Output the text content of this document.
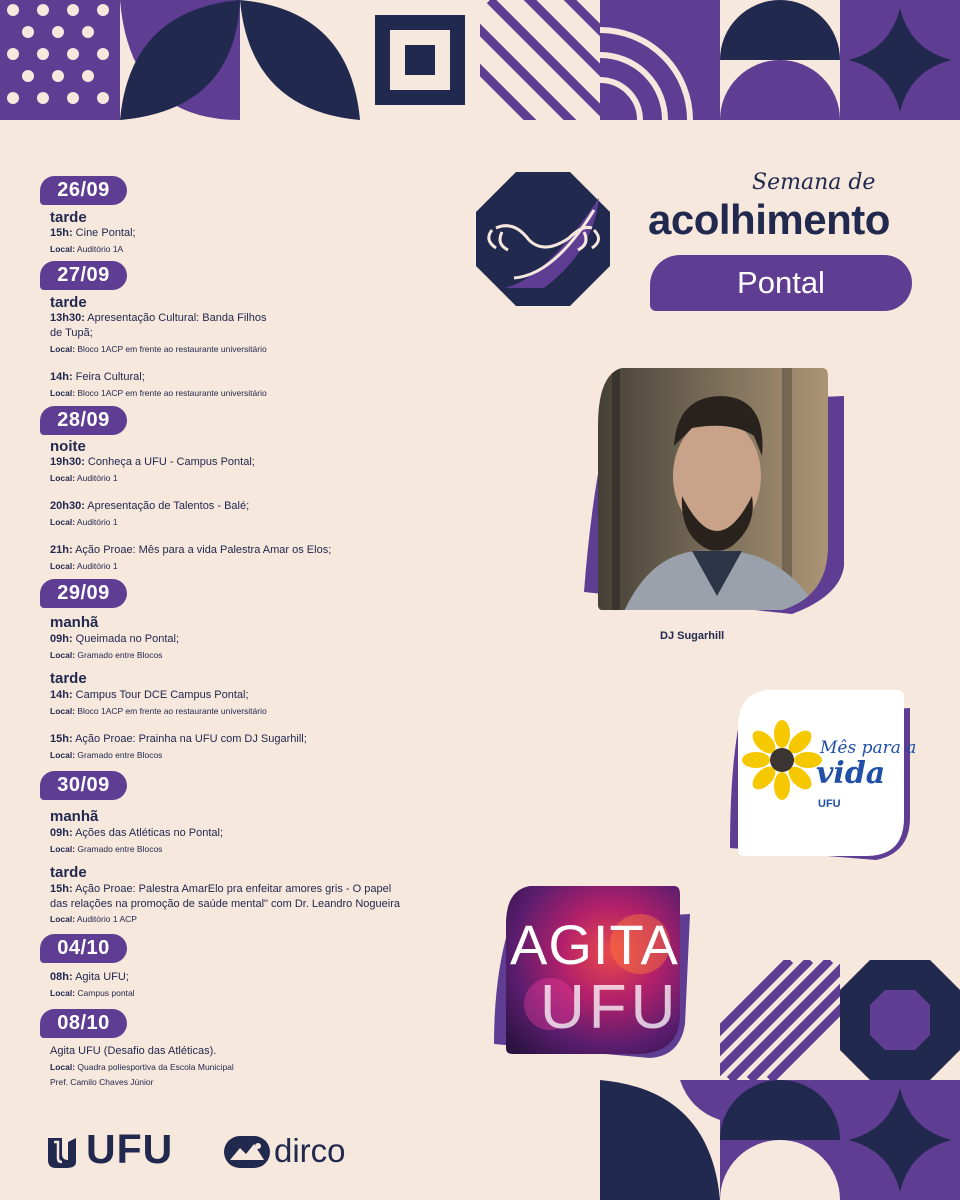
Semana de
acolhimento
Pontal
DJ Sugarhill
Mês para a
vida
UFU
AGITA
UFU
26/09
tarde
15h: Cine Pontal;
Local: Auditório 1A
27/09
tarde
13h30: Apresentação Cultural: Banda Filhos
de Tupã;
Local: Bloco 1ACP em frente ao restaurante universitário
14h: Feira Cultural;
Local: Bloco 1ACP em frente ao restaurante universitário
28/09
noite
19h30: Conheça a UFU - Campus Pontal;
Local: Auditório 1
20h30: Apresentação de Talentos - Balé;
Local: Auditório 1
21h: Ação Proae: Mês para a vida Palestra Amar os Elos;
Local: Auditório 1
29/09
manhã
09h: Queimada no Pontal;
Local: Gramado entre Blocos
tarde
14h: Campus Tour DCE Campus Pontal;
Local: Bloco 1ACP em frente ao restaurante universitário
15h: Ação Proae: Prainha na UFU com DJ Sugarhill;
Local: Gramado entre Blocos
30/09
manhã
09h: Ações das Atléticas no Pontal;
Local: Gramado entre Blocos
tarde
15h: Ação Proae: Palestra AmarElo pra enfeitar amores gris - O papel
das relações na promoção de saúde mental" com Dr. Leandro Nogueira
Local: Auditório 1 ACP
04/10
08h: Agita UFU;
Local: Campus pontal
08/10
Agita UFU (Desafio das Atléticas).
Local: Quadra poliesportiva da Escola Municipal
Pref. Camilo Chaves Júnior
UFU	dirco
